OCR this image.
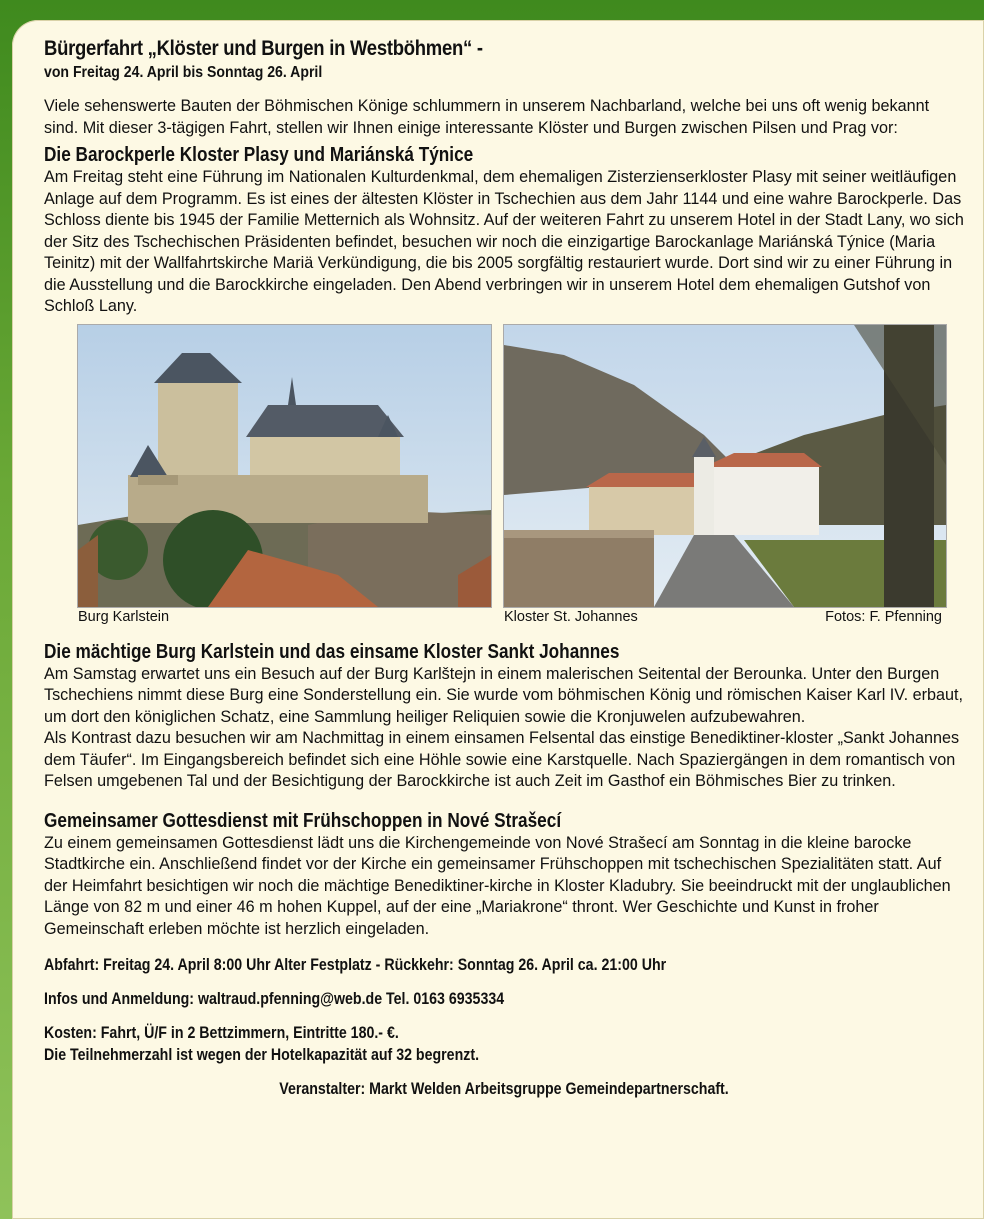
Bürgerfahrt „Klöster und Burgen in Westböhmen“ -
von Freitag 24. April bis Sonntag 26. April

Viele sehenswerte Bauten der Böhmischen Könige schlummern in unserem Nachbarland, welche bei uns oft wenig bekannt sind. Mit dieser 3-tägigen Fahrt, stellen wir Ihnen einige interessante Klöster und Burgen zwischen Pilsen und Prag vor:

Die Barockperle Kloster Plasy und Mariánská Týnice

Am Freitag steht eine Führung im Nationalen Kulturdenkmal, dem ehemaligen Zisterzienserkloster Plasy mit seiner weitläufigen Anlage auf dem Programm. Es ist eines der ältesten Klöster in Tschechien aus dem Jahr 1144 und eine wahre Barockperle. Das Schloss diente bis 1945 der Familie Metternich als Wohnsitz. Auf der weiteren Fahrt zu unserem Hotel in der Stadt Lany, wo sich der Sitz des Tschechischen Präsidenten befindet, besuchen wir noch die einzigartige Barockanlage Mariánská Týnice (Maria Teinitz) mit der Wallfahrtskirche Mariä Verkündigung, die bis 2005 sorgfältig restauriert wurde. Dort sind wir zu einer Führung in die Ausstellung und die Barockkirche eingeladen. Den Abend verbringen wir in unserem Hotel dem ehemaligen Gutshof von Schloß Lany.

Burg Karlstein	Kloster St. Johannes	Fotos: F. Pfenning
Die mächtige Burg Karlstein und das einsame Kloster Sankt Johannes

Am Samstag erwartet uns ein Besuch auf der Burg Karlštejn in einem malerischen Seitental der Berounka. Unter den Burgen Tschechiens nimmt diese Burg eine Sonderstellung ein. Sie wurde vom böhmischen König und römischen Kaiser Karl IV. erbaut, um dort den königlichen Schatz, eine Sammlung heiliger Reliquien sowie die Kronjuwelen aufzubewahren.

Als Kontrast dazu besuchen wir am Nachmittag in einem einsamen Felsental das einstige Benediktiner-kloster „Sankt Johannes dem Täufer“. Im Eingangsbereich befindet sich eine Höhle sowie eine Karstquelle. Nach Spaziergängen in dem romantisch von Felsen umgebenen Tal und der Besichtigung der Barockkirche ist auch Zeit im Gasthof ein Böhmisches Bier zu trinken.

Gemeinsamer Gottesdienst mit Frühschoppen in Nové Strašecí

Zu einem gemeinsamen Gottesdienst lädt uns die Kirchengemeinde von Nové Strašecí am Sonntag in die kleine barocke Stadtkirche ein. Anschließend findet vor der Kirche ein gemeinsamer Frühschoppen mit tschechischen Spezialitäten statt. Auf der Heimfahrt besichtigen wir noch die mächtige Benediktiner-kirche in Kloster Kladubry. Sie beeindruckt mit der unglaublichen Länge von 82 m und einer 46 m hohen Kuppel, auf der eine „Mariakrone“ thront. Wer Geschichte und Kunst in froher Gemeinschaft erleben möchte ist herzlich eingeladen.

Abfahrt: Freitag 24. April 8:00 Uhr Alter Festplatz - Rückkehr: Sonntag 26. April ca. 21:00 Uhr
Infos und Anmeldung: waltraud.pfenning@web.de Tel. 0163 6935334
Kosten: Fahrt, Ü/F in 2 Bettzimmern, Eintritte 180.- €.
Die Teilnehmerzahl ist wegen der Hotelkapazität auf 32 begrenzt.
Veranstalter: Markt Welden Arbeitsgruppe Gemeindepartnerschaft.
